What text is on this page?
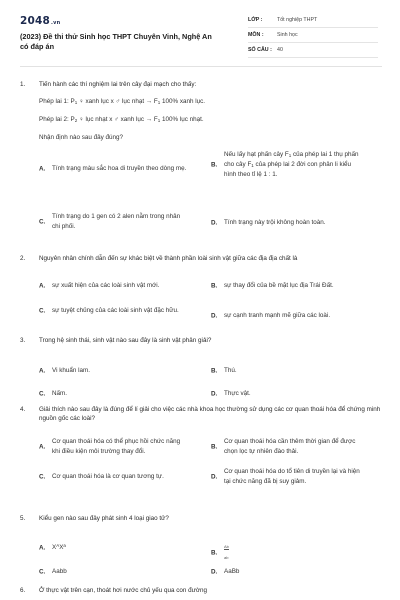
2048.vn
(2023) Đề thi thử Sinh học THPT Chuyên Vinh, Nghệ An có đáp án
LỚP :	Tốt nghiệp THPT
MÔN :	Sinh học
SỐ CÂU : 40
1. Tiến hành các thí nghiệm lai trên cây đại mạch cho thấy:
Phép lai 1: $P_1$ ♀ xanh lục x ♂ lục nhạt → $F_1$ 100% xanh lục.
Phép lai 2: $P_2$ ♀ lục nhạt x ♂ xanh lục → $F_1$ 100% lục nhạt.
Nhận định nào sau đây đúng?
A.	Tính trạng màu sắc hoa di truyền theo dòng mẹ.
B.
Nếu lấy hạt phấn cây $F_1$ của phép lai 1 thụ phấn cho cây $F_1$ của phép lai 2 đời con phân li kiểu hình theo tỉ lệ 1 : 1.
C.
Tính trạng do 1 gen có 2 alen nằm trong nhân chi phối.
D.	Tính trạng này trội không hoàn toàn.
2. Nguyên nhân chính dẫn đến sự khác biệt về thành phần loài sinh vật giữa các địa địa chất là
A.	sự xuất hiện của các loài sinh vật mới.	B.	sự thay đổi của bề mặt lục địa Trái Đất.
C.	sự tuyệt chủng của các loài sinh vật đặc hữu.
D.	sự cạnh tranh mạnh mẽ giữa các loài.
3. Trong hệ sinh thái, sinh vật nào sau đây là sinh vật phân giải?
A.	Vi khuẩn lam.	B.	Thú.
C.	Nấm.	D.	Thực vật.
4. Giải thích nào sau đây là đúng để lí giải cho việc các nhà khoa học thường sử dụng các cơ quan thoái hóa để chứng minh nguồn gốc các loài?
A.
Cơ quan thoái hóa có thể phục hồi chức năng khi điều kiện môi trường thay đổi.
B.
Cơ quan thoái hóa cần thêm thời gian để được chọn lọc tự nhiên đào thải.
C.	Cơ quan thoái hóa là cơ quan tương tự.	D.
Cơ quan thoái hóa do tổ tiên di truyền lại và hiện tại chức năng đã bị suy giảm.
5. Kiểu gen nào sau đây phát sinh 4 loại giao tử?
A.	$X^AX^a$
B.
Ab
ab
C.	Aabb	D.	AaBb
6. Ở thực vật trên cạn, thoát hơi nước chủ yếu qua con đường
